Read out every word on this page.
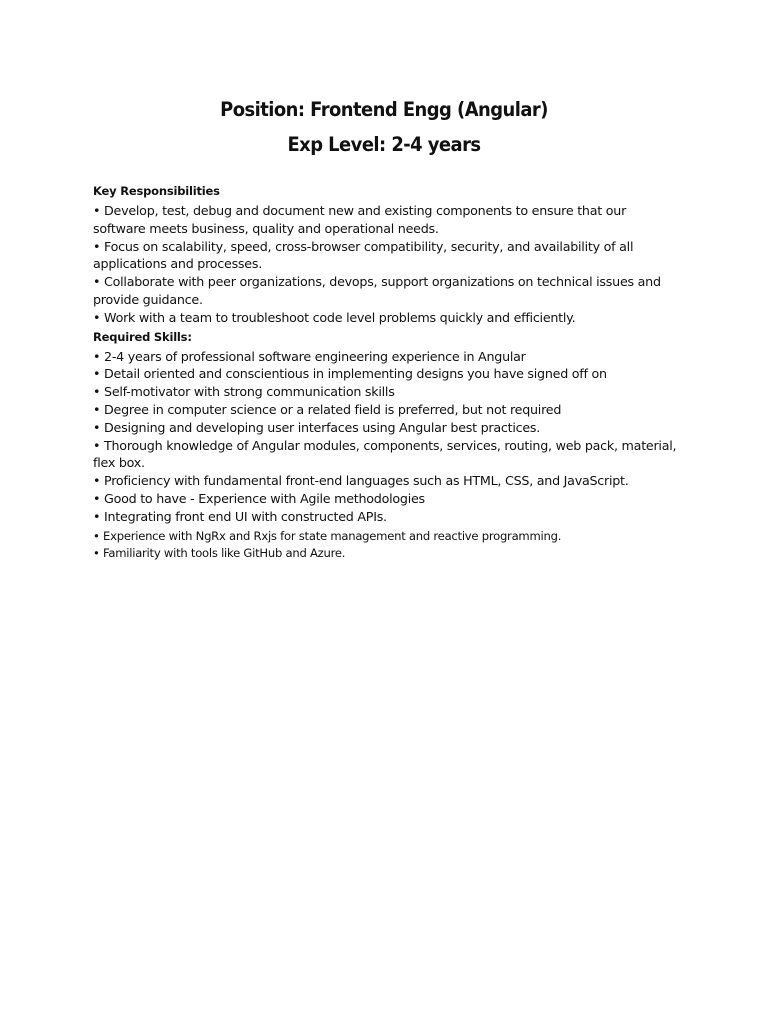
Position: Frontend Engg (Angular)

Exp Level: 2-4 years

Key Responsibilities

• Develop, test, debug and document new and existing components to ensure that our software meets business, quality and operational needs.
• Focus on scalability, speed, cross-browser compatibility, security, and availability of all applications and processes.
• Collaborate with peer organizations, devops, support organizations on technical issues and provide guidance.
• Work with a team to troubleshoot code level problems quickly and efficiently.

Required Skills:

• 2-4 years of professional software engineering experience in Angular
• Detail oriented and conscientious in implementing designs you have signed off on
• Self-motivator with strong communication skills
• Degree in computer science or a related field is preferred, but not required
• Designing and developing user interfaces using Angular best practices.
• Thorough knowledge of Angular modules, components, services, routing, web pack, material, flex box.
• Proficiency with fundamental front-end languages such as HTML, CSS, and JavaScript.
• Good to have - Experience with Agile methodologies
• Integrating front end UI with constructed APIs.
• Experience with NgRx and Rxjs for state management and reactive programming.
• Familiarity with tools like GitHub and Azure.
